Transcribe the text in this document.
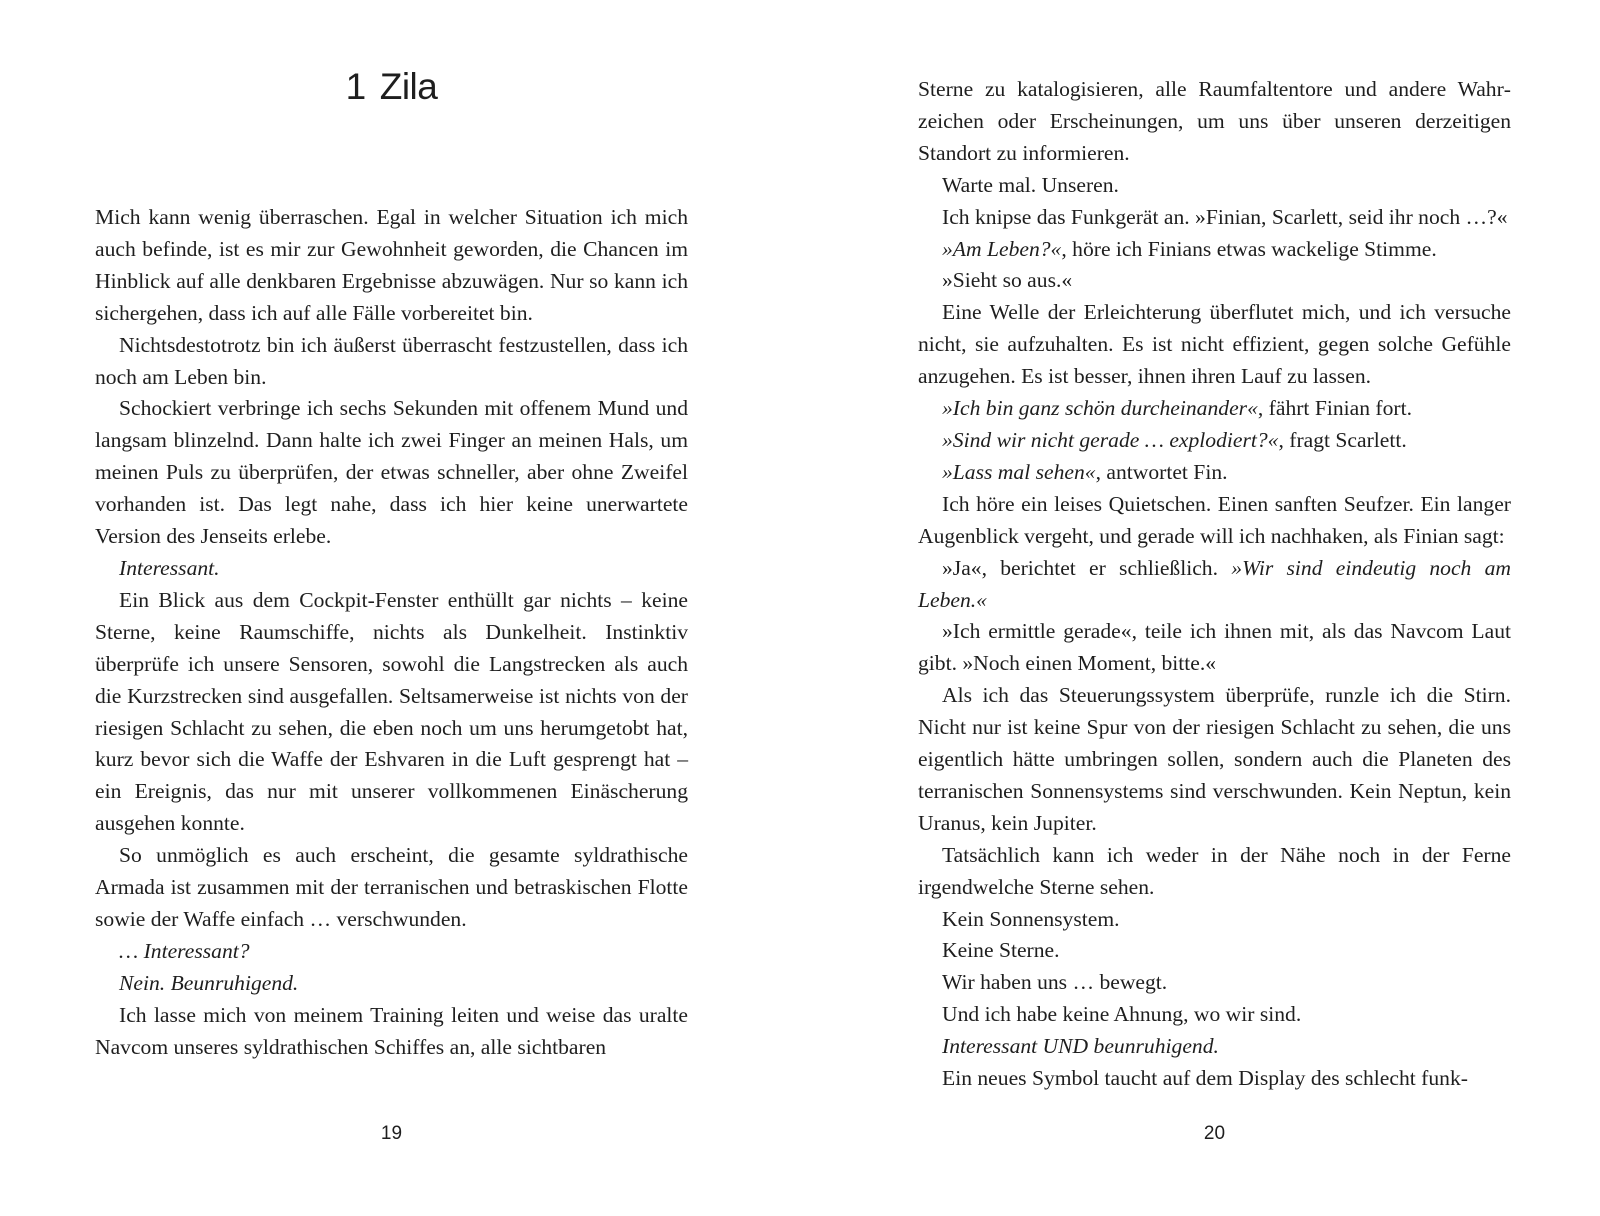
1 Zila

Mich kann wenig überraschen. Egal in welcher Situation ich mich auch befinde, ist es mir zur Gewohnheit geworden, die Chancen im Hinblick auf alle denkbaren Ergebnisse abzuwägen. Nur so kann ich sichergehen, dass ich auf alle Fälle vorbereitet bin.

Nichtsdestotrotz bin ich äußerst überrascht festzustellen, dass ich noch am Leben bin.

Schockiert verbringe ich sechs Sekunden mit offenem Mund und langsam blinzelnd. Dann halte ich zwei Finger an meinen Hals, um meinen Puls zu überprüfen, der etwas schneller, aber ohne Zweifel vorhanden ist. Das legt nahe, dass ich hier keine unerwartete Version des Jenseits erlebe.

Interessant.

Ein Blick aus dem Cockpit-Fenster enthüllt gar nichts – keine Sterne, keine Raumschiffe, nichts als Dunkelheit. Instinktiv überprüfe ich unsere Sensoren, sowohl die Langstrecken als auch die Kurzstrecken sind ausgefallen. Seltsamerweise ist nichts von der riesigen Schlacht zu sehen, die eben noch um uns herumgetobt hat, kurz bevor sich die Waffe der Eshvaren in die Luft gesprengt hat – ein Ereignis, das nur mit unserer vollkommenen Einäscherung ausgehen konnte.

So unmöglich es auch erscheint, die gesamte syldrathische Armada ist zusammen mit der terranischen und betraskischen Flotte sowie der Waffe einfach … verschwunden.

… Interessant?

Nein. Beunruhigend.

Ich lasse mich von meinem Training leiten und weise das uralte Navcom unseres syldrathischen Schiffes an, alle sichtbaren

19

Sterne zu katalogisieren, alle Raumfaltentore und andere Wahrzeichen oder Erscheinungen, um uns über unseren derzeitigen Standort zu informieren.

Warte mal. Unseren.

Ich knipse das Funkgerät an. »Finian, Scarlett, seid ihr noch …?«

»Am Leben?«, höre ich Finians etwas wackelige Stimme.

»Sieht so aus.«

Eine Welle der Erleichterung überflutet mich, und ich versuche nicht, sie aufzuhalten. Es ist nicht effizient, gegen solche Gefühle anzugehen. Es ist besser, ihnen ihren Lauf zu lassen.

»Ich bin ganz schön durcheinander«, fährt Finian fort.

»Sind wir nicht gerade … explodiert?«, fragt Scarlett.

»Lass mal sehen«, antwortet Fin.

Ich höre ein leises Quietschen. Einen sanften Seufzer. Ein langer Augenblick vergeht, und gerade will ich nachhaken, als Finian sagt:

»Ja«, berichtet er schließlich. »Wir sind eindeutig noch am Leben.«

»Ich ermittle gerade«, teile ich ihnen mit, als das Navcom Laut gibt. »Noch einen Moment, bitte.«

Als ich das Steuerungssystem überprüfe, runzle ich die Stirn. Nicht nur ist keine Spur von der riesigen Schlacht zu sehen, die uns eigentlich hätte umbringen sollen, sondern auch die Planeten des terranischen Sonnensystems sind verschwunden. Kein Neptun, kein Uranus, kein Jupiter.

Tatsächlich kann ich weder in der Nähe noch in der Ferne irgendwelche Sterne sehen.

Kein Sonnensystem.

Keine Sterne.

Wir haben uns … bewegt.

Und ich habe keine Ahnung, wo wir sind.

Interessant UND beunruhigend.

Ein neues Symbol taucht auf dem Display des schlecht funk-

20
